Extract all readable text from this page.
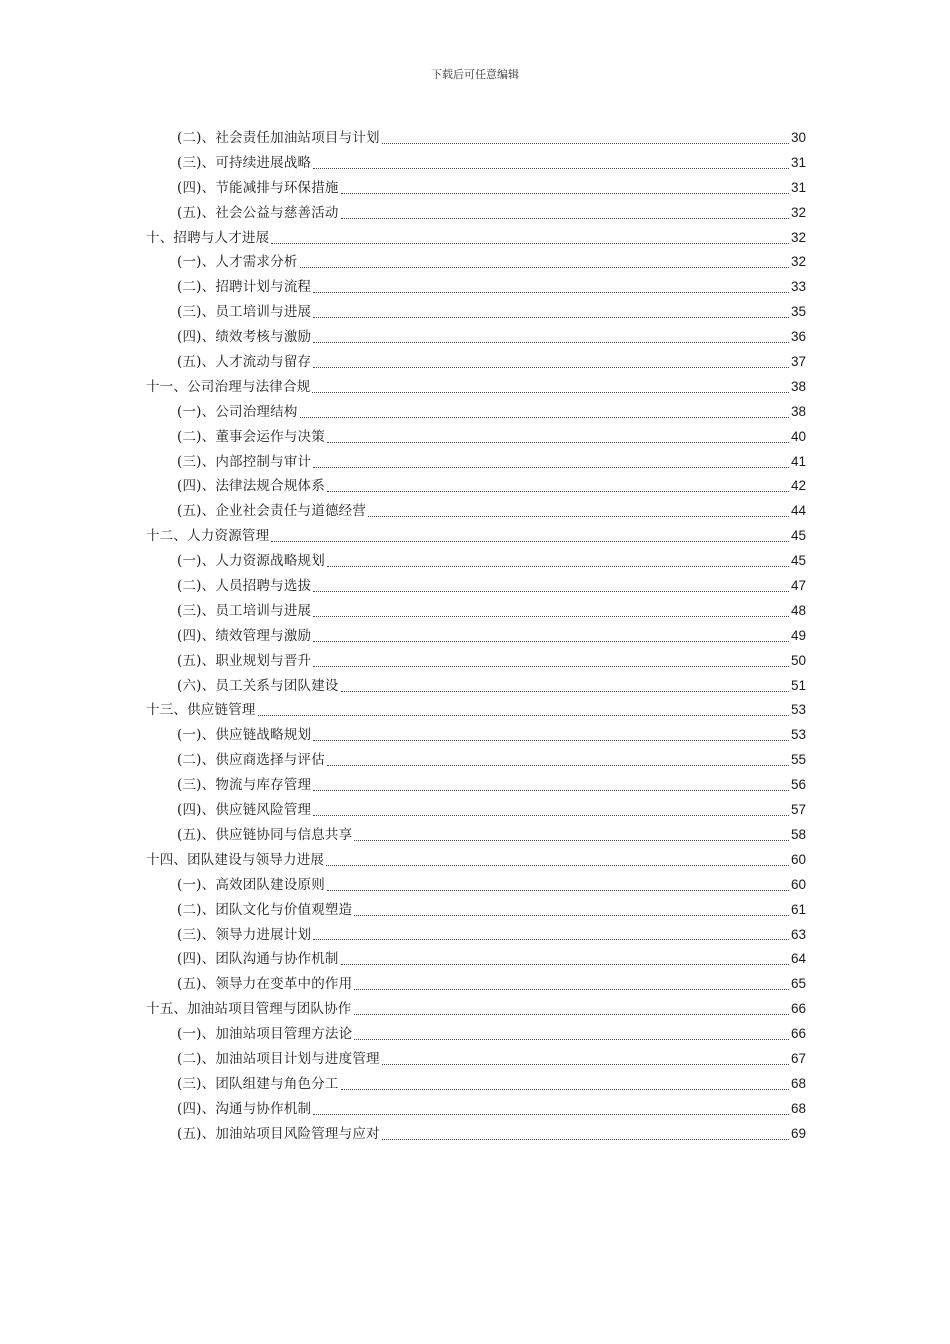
下载后可任意编辑
(二)、社会责任加油站项目与计划	30
(三)、可持续进展战略	31
(四)、节能减排与环保措施	31
(五)、社会公益与慈善活动	32
十、招聘与人才进展	32
(一)、人才需求分析	32
(二)、招聘计划与流程	33
(三)、员工培训与进展	35
(四)、绩效考核与激励	36
(五)、人才流动与留存	37
十一、公司治理与法律合规	38
(一)、公司治理结构	38
(二)、董事会运作与决策	40
(三)、内部控制与审计	41
(四)、法律法规合规体系	42
(五)、企业社会责任与道德经营	44
十二、人力资源管理	45
(一)、人力资源战略规划	45
(二)、人员招聘与选拔	47
(三)、员工培训与进展	48
(四)、绩效管理与激励	49
(五)、职业规划与晋升	50
(六)、员工关系与团队建设	51
十三、供应链管理	53
(一)、供应链战略规划	53
(二)、供应商选择与评估	55
(三)、物流与库存管理	56
(四)、供应链风险管理	57
(五)、供应链协同与信息共享	58
十四、团队建设与领导力进展	60
(一)、高效团队建设原则	60
(二)、团队文化与价值观塑造	61
(三)、领导力进展计划	63
(四)、团队沟通与协作机制	64
(五)、领导力在变革中的作用	65
十五、加油站项目管理与团队协作	66
(一)、加油站项目管理方法论	66
(二)、加油站项目计划与进度管理	67
(三)、团队组建与角色分工	68
(四)、沟通与协作机制	68
(五)、加油站项目风险管理与应对	69
